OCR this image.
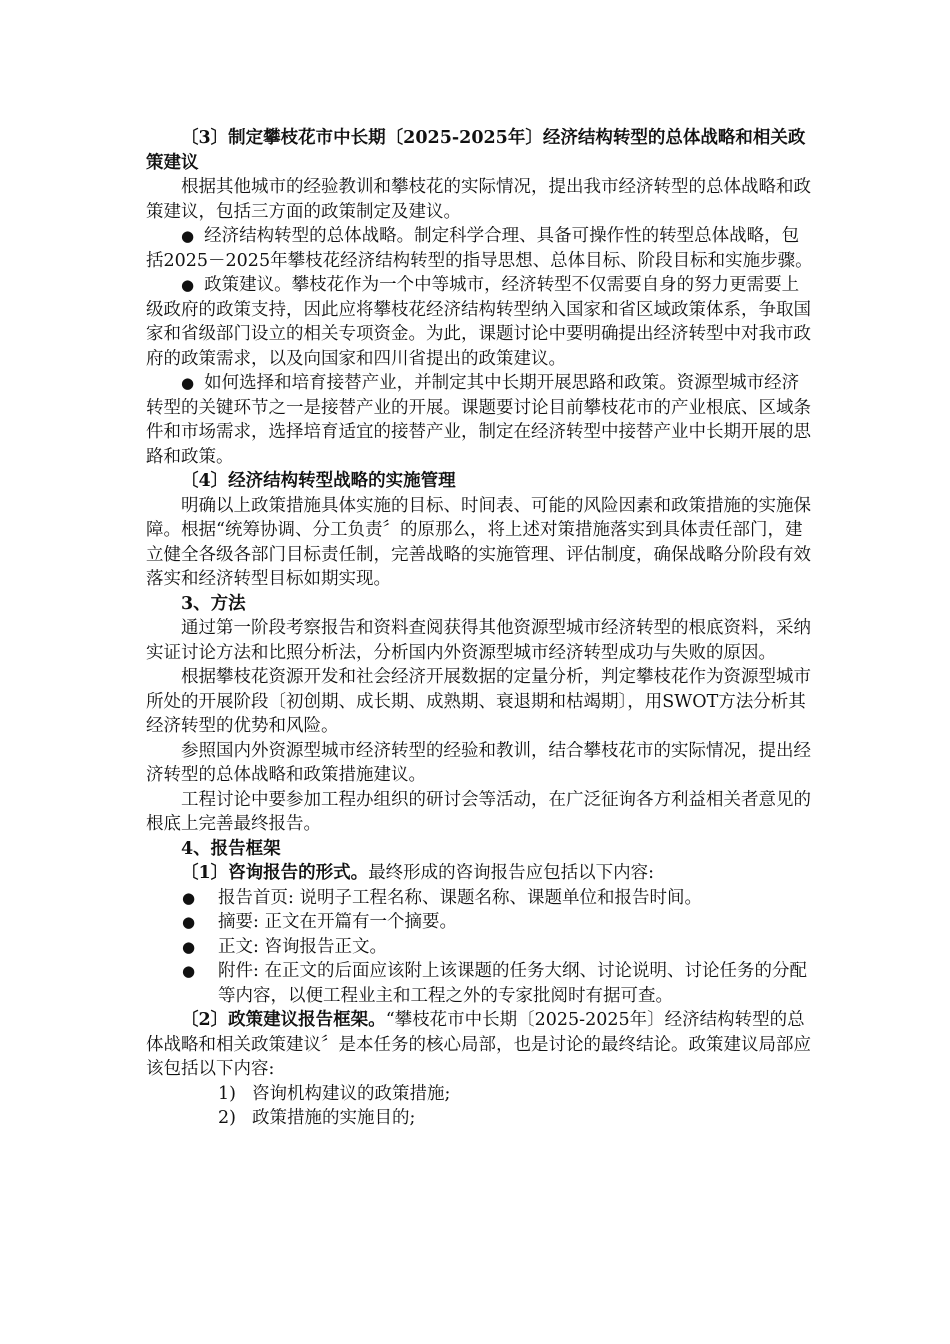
〔3〕制定攀枝花市中长期〔2025-2025年〕经济结构转型的总体战略和相关政策建议

根据其他城市的经验教训和攀枝花的实际情况，提出我市经济转型的总体战略和政策建议，包括三方面的政策制定及建议。

● 经济结构转型的总体战略。制定科学合理、具备可操作性的转型总体战略，包括2025－2025年攀枝花经济结构转型的指导思想、总体目标、阶段目标和实施步骤。

● 政策建议。攀枝花作为一个中等城市，经济转型不仅需要自身的努力更需要上级政府的政策支持，因此应将攀枝花经济结构转型纳入国家和省区域政策体系，争取国家和省级部门设立的相关专项资金。为此，课题讨论中要明确提出经济转型中对我市政府的政策需求，以及向国家和四川省提出的政策建议。

● 如何选择和培育接替产业，并制定其中长期开展思路和政策。资源型城市经济转型的关键环节之一是接替产业的开展。课题要讨论目前攀枝花市的产业根底、区域条件和市场需求，选择培育适宜的接替产业，制定在经济转型中接替产业中长期开展的思路和政策。

〔4〕经济结构转型战略的实施管理

明确以上政策措施具体实施的目标、时间表、可能的风险因素和政策措施的实施保障。根据“统筹协调、分工负责〞的原那么，将上述对策措施落实到具体责任部门，建立健全各级各部门目标责任制，完善战略的实施管理、评估制度，确保战略分阶段有效落实和经济转型目标如期实现。

3、方法

通过第一阶段考察报告和资料查阅获得其他资源型城市经济转型的根底资料，采纳实证讨论方法和比照分析法，分析国内外资源型城市经济转型成功与失败的原因。

根据攀枝花资源开发和社会经济开展数据的定量分析，判定攀枝花作为资源型城市所处的开展阶段〔初创期、成长期、成熟期、衰退期和枯竭期〕，用SWOT方法分析其经济转型的优势和风险。

参照国内外资源型城市经济转型的经验和教训，结合攀枝花市的实际情况，提出经济转型的总体战略和政策措施建议。

工程讨论中要参加工程办组织的研讨会等活动，在广泛征询各方利益相关者意见的根底上完善最终报告。

4、报告框架

〔1〕咨询报告的形式。最终形成的咨询报告应包括以下内容:

● 报告首页: 说明子工程名称、课题名称、课题单位和报告时间。

● 摘要: 正文在开篇有一个摘要。

● 正文: 咨询报告正文。

● 附件: 在正文的后面应该附上该课题的任务大纲、讨论说明、讨论任务的分配等内容，以便工程业主和工程之外的专家批阅时有据可查。

〔2〕政策建议报告框架。“攀枝花市中长期〔2025-2025年〕经济结构转型的总体战略和相关政策建议〞是本任务的核心局部，也是讨论的最终结论。政策建议局部应该包括以下内容:

1) 咨询机构建议的政策措施;

2) 政策措施的实施目的;
